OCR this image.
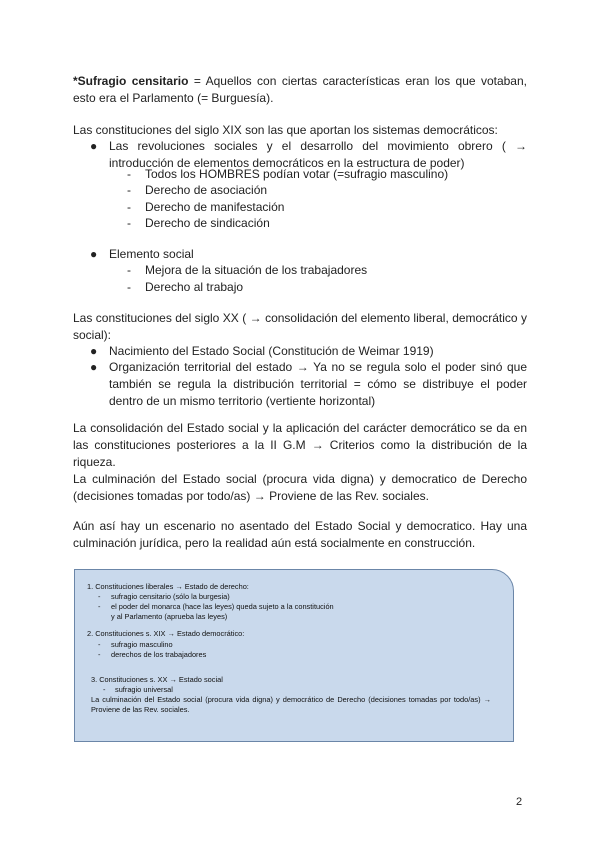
*Sufragio censitario = Aquellos con ciertas características eran los que votaban, esto era el Parlamento (= Burguesía).

Las constituciones del siglo XIX son las que aportan los sistemas democráticos:

● Las revoluciones sociales y el desarrollo del movimiento obrero ( → introducción de elementos democráticos en la estructura de poder)

- Todos los HOMBRES podían votar (=sufragio masculino)

- Derecho de asociación

- Derecho de manifestación

- Derecho de sindicación

● Elemento social

- Mejora de la situación de los trabajadores

- Derecho al trabajo

Las constituciones del siglo XX ( → consolidación del elemento liberal, democrático y social):

● Nacimiento del Estado Social (Constitución de Weimar 1919)

● Organización territorial del estado → Ya no se regula solo el poder sinó que también se regula la distribución territorial = cómo se distribuye el poder dentro de un mismo territorio (vertiente horizontal)

La consolidación del Estado social y la aplicación del carácter democrático se da en las constituciones posteriores a la II G.M → Criterios como la distribución de la riqueza.

La culminación del Estado social (procura vida digna) y democratico de Derecho (decisiones tomadas por todo/as) → Proviene de las Rev. sociales.

Aún así hay un escenario no asentado del Estado Social y democratico. Hay una culminación jurídica, pero la realidad aún está socialmente en construcción.

1. Constituciones liberales → Estado de derecho:

- sufragio censitario (sólo la burgesia)

- el poder del monarca (hace las leyes) queda sujeto a la constitución

y al Parlamento (aprueba las leyes)

2. Constituciones s. XIX → Estado democrático:

- sufragio masculino

- derechos de los trabajadores

3. Constituciones s. XX → Estado social

- sufragio universal

La culminación del Estado social (procura vida digna) y democrático de Derecho (decisiones tomadas por todo/as) → Proviene de las Rev. sociales.

2
